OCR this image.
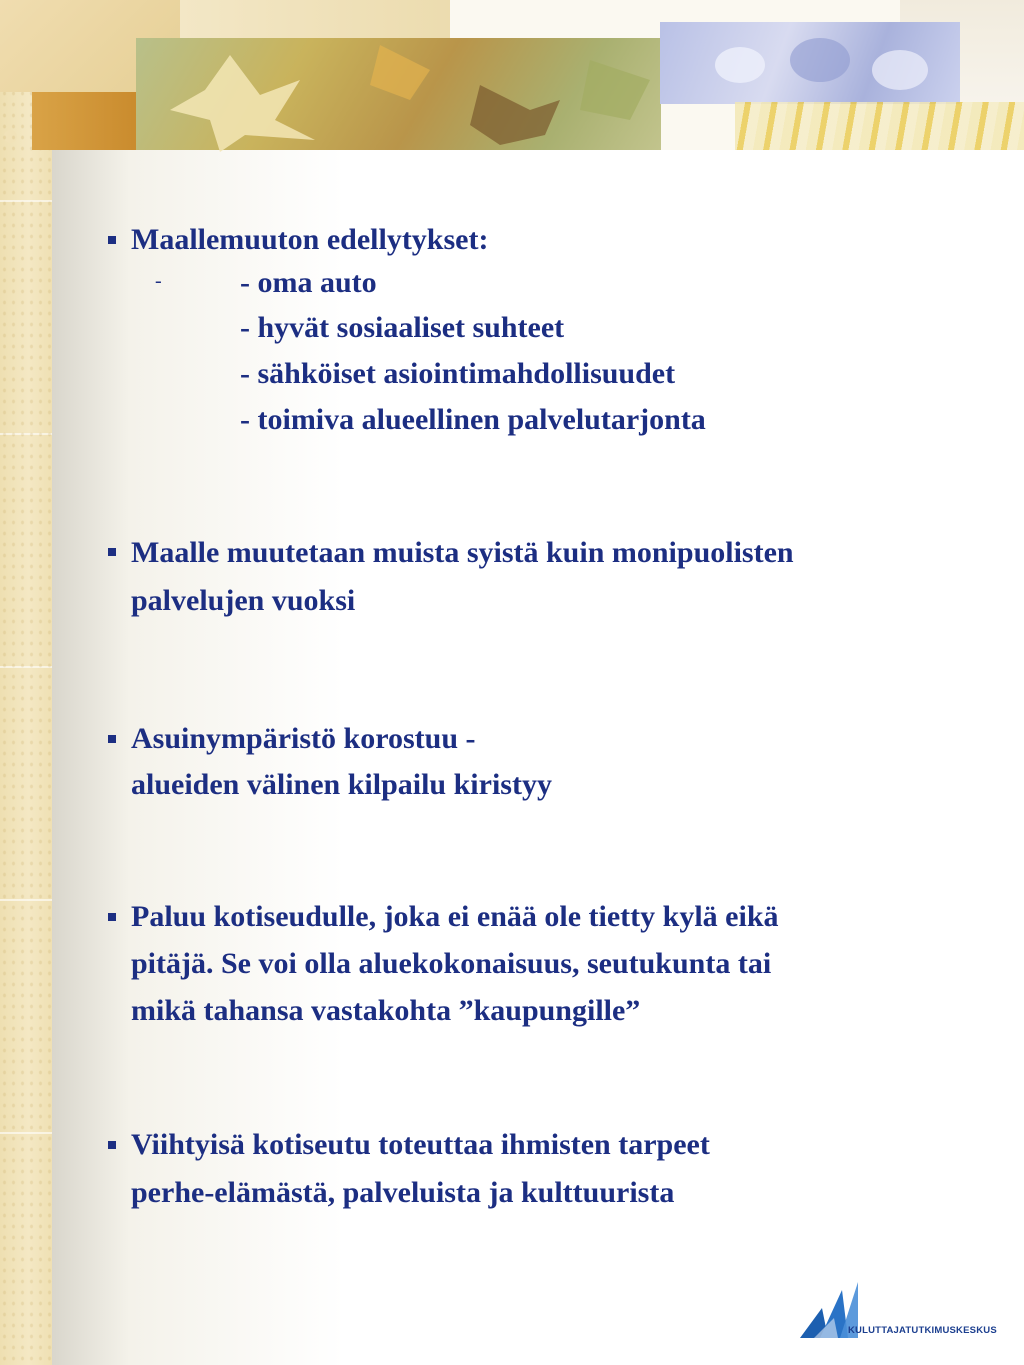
Maallemuuton edellytykset:
-	- oma auto
- hyvät sosiaaliset suhteet
- sähköiset asiointimahdollisuudet
- toimiva alueellinen palvelutarjonta
Maalle muutetaan muista syistä kuin monipuolisten
palvelujen vuoksi
Asuinympäristö korostuu -
alueiden välinen kilpailu kiristyy
Paluu kotiseudulle, joka ei enää ole tietty kylä eikä
pitäjä. Se voi olla aluekokonaisuus, seutukunta tai
mikä tahansa vastakohta ”kaupungille”
Viihtyisä kotiseutu toteuttaa ihmisten tarpeet
perhe-elämästä, palveluista ja kulttuurista
KULUTTAJATUTKIMUSKESKUS
